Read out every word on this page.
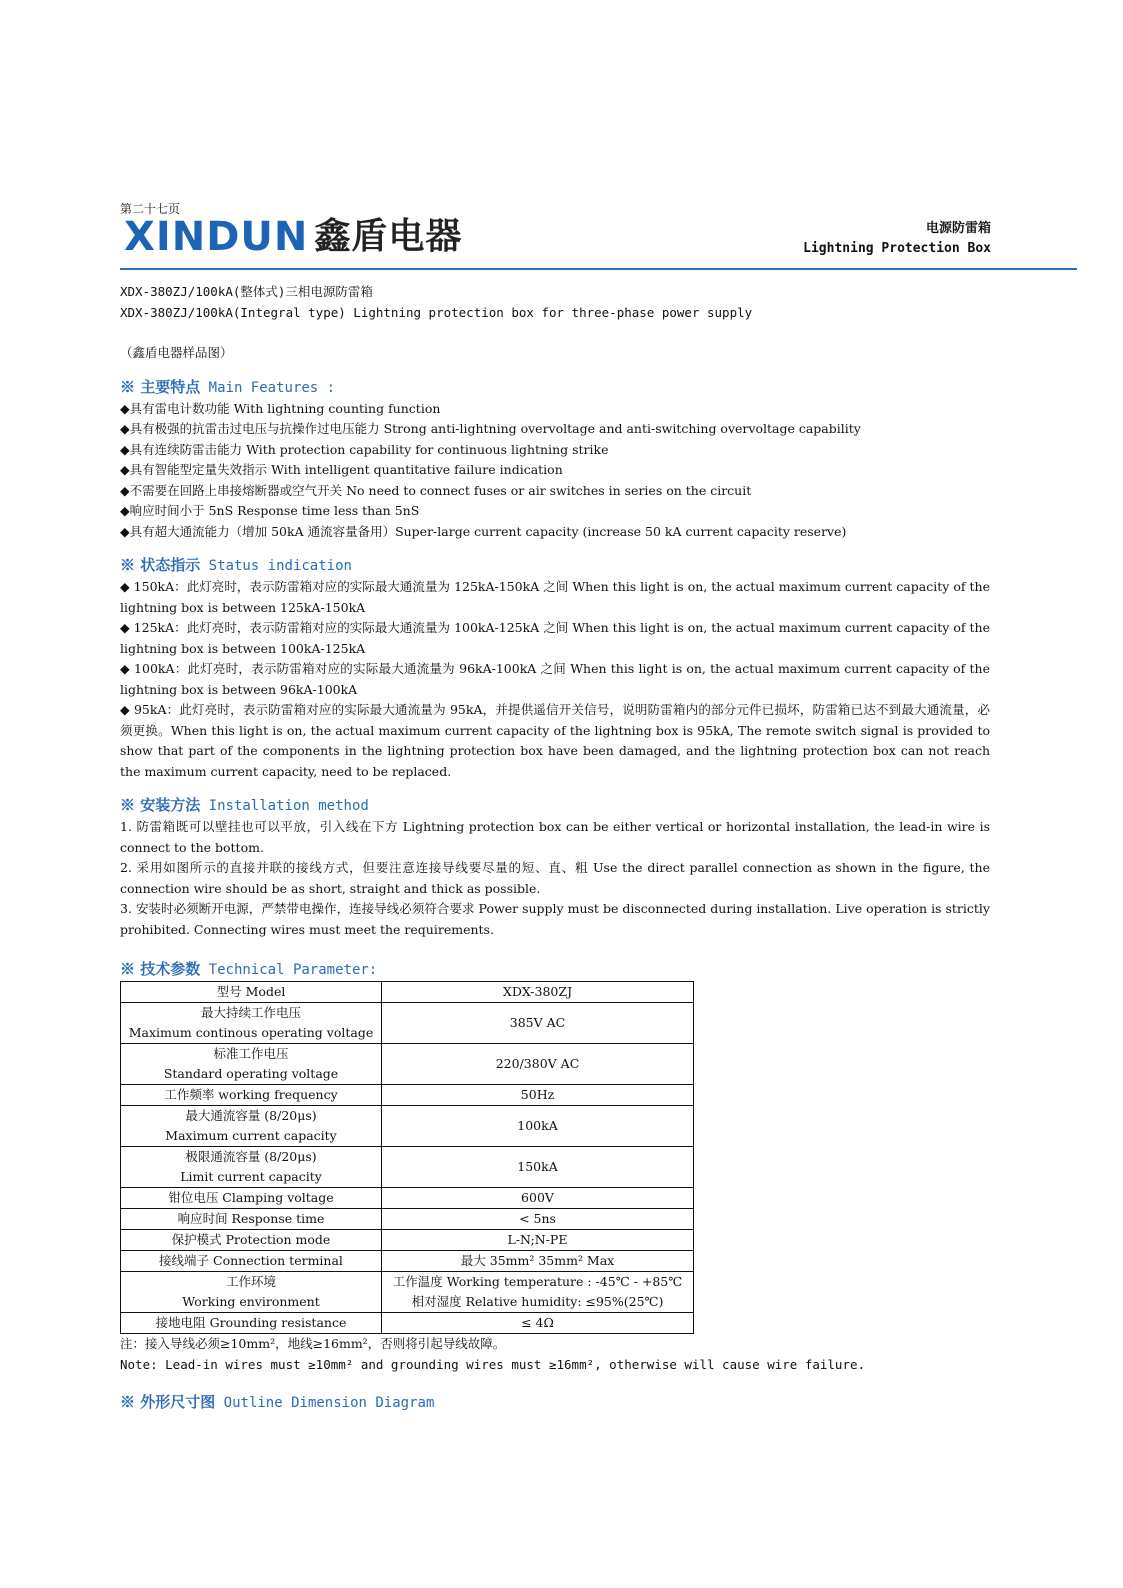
第二十七页
XINDUN 鑫盾电器	电源防雷箱
Lightning Protection Box
XDX-380ZJ/100kA(整体式)三相电源防雷箱
XDX-380ZJ/100kA(Integral type) Lightning protection box for three-phase power supply
（鑫盾电器样品图）
※ 主要特点 Main Features :
◆具有雷电计数功能 With lightning counting function
◆具有极强的抗雷击过电压与抗操作过电压能力 Strong anti-lightning overvoltage and anti-switching overvoltage capability
◆具有连续防雷击能力 With protection capability for continuous lightning strike
◆具有智能型定量失效指示 With intelligent quantitative failure indication
◆不需要在回路上串接熔断器或空气开关 No need to connect fuses or air switches in series on the circuit
◆响应时间小于 5nS Response time less than 5nS
◆具有超大通流能力（增加 50kA 通流容量备用）Super-large current capacity (increase 50 kA current capacity reserve)
※ 状态指示 Status indication
◆ 150kA：此灯亮时，表示防雷箱对应的实际最大通流量为 125kA-150kA 之间 When this light is on, the actual maximum current capacity of the lightning box is between 125kA-150kA
◆ 125kA：此灯亮时，表示防雷箱对应的实际最大通流量为 100kA-125kA 之间 When this light is on, the actual maximum current capacity of the lightning box is between 100kA-125kA
◆ 100kA：此灯亮时，表示防雷箱对应的实际最大通流量为 96kA-100kA 之间 When this light is on, the actual maximum current capacity of the lightning box is between 96kA-100kA
◆ 95kA：此灯亮时，表示防雷箱对应的实际最大通流量为 95kA，并提供遥信开关信号，说明防雷箱内的部分元件已损坏，防雷箱已达不到最大通流量，必须更换。When this light is on, the actual maximum current capacity of the lightning box is 95kA, The remote switch signal is provided to show that part of the components in the lightning protection box have been damaged, and the lightning protection box can not reach the maximum current capacity, need to be replaced.
※ 安装方法 Installation method
1. 防雷箱既可以壁挂也可以平放，引入线在下方 Lightning protection box can be either vertical or horizontal installation, the lead-in wire is connect to the bottom.
2. 采用如图所示的直接并联的接线方式，但要注意连接导线要尽量的短、直、粗 Use the direct parallel connection as shown in the figure, the connection wire should be as short, straight and thick as possible.
3. 安装时必须断开电源，严禁带电操作，连接导线必须符合要求 Power supply must be disconnected during installation. Live operation is strictly prohibited. Connecting wires must meet the requirements.
※ 技术参数 Technical Parameter:
型号 Model	XDX-380ZJ
最大持续工作电压
Maximum continous operating voltage	385V AC
标准工作电压
Standard operating voltage	220/380V AC
工作频率 working frequency	50Hz
最大通流容量 (8/20μs)
Maximum current capacity	100kA
极限通流容量 (8/20μs)
Limit current capacity	150kA
钳位电压 Clamping voltage	600V
响应时间 Response time	< 5ns
保护模式 Protection mode	L-N;N-PE
接线端子 Connection terminal	最大 35mm² 35mm² Max
工作环境
Working environment	工作温度 Working temperature : -45℃ - +85℃
相对湿度 Relative humidity: ≤95%(25℃)
接地电阻 Grounding resistance	≤ 4Ω
注：接入导线必须≥10mm²，地线≥16mm²，否则将引起导线故障。
Note: Lead-in wires must ≥10mm² and grounding wires must ≥16mm², otherwise will cause wire failure.
※ 外形尺寸图 Outline Dimension Diagram
